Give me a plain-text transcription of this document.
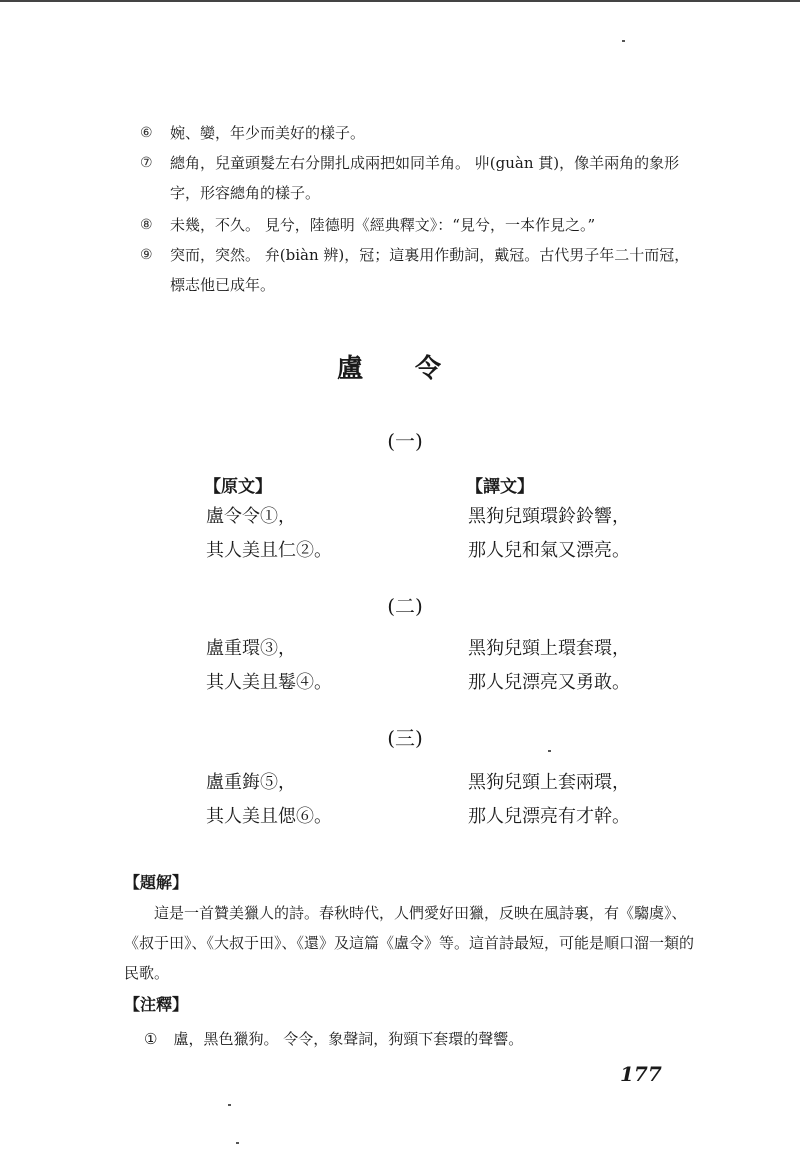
⑥ 婉、孌，年少而美好的樣子。
⑦ 總角，兒童頭髮左右分開扎成兩把如同羊角。 丱(guàn 貫)，像羊兩角的象形字，形容總角的樣子。
⑧ 未幾，不久。 見兮，陸德明《經典釋文》：“見兮，一本作見之。”
⑨ 突而，突然。 弁(biàn 辨)，冠；這裏用作動詞，戴冠。古代男子年二十而冠，標志他已成年。
盧令
(一)
【原文】	【譯文】
盧令令①，
其人美且仁②。
黑狗兒頸環鈴鈴響，
那人兒和氣又漂亮。
(二)
盧重環③，
其人美且鬈④。
黑狗兒頸上環套環，
那人兒漂亮又勇敢。
(三)
盧重鋂⑤，
其人美且偲⑥。
黑狗兒頸上套兩環，
那人兒漂亮有才幹。
【題解】
這是一首贊美獵人的詩。春秋時代，人們愛好田獵，反映在風詩裏，有《騶虞》、《叔于田》、《大叔于田》、《還》及這篇《盧令》等。這首詩最短，可能是順口溜一類的民歌。
【注釋】
① 盧，黑色獵狗。 令令，象聲詞，狗頸下套環的聲響。
177
